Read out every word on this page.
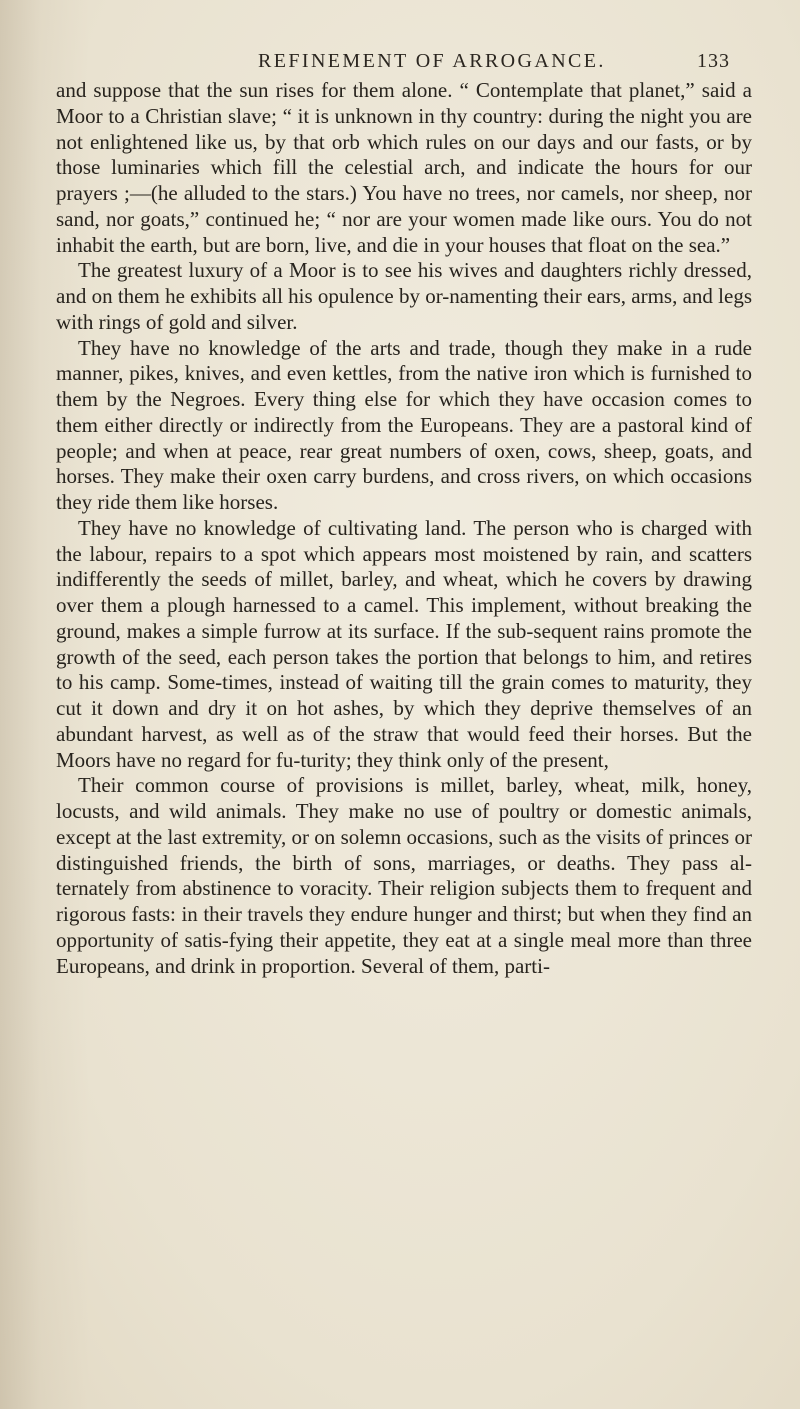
REFINEMENT OF ARROGANCE.	133

and suppose that the sun rises for them alone. “ Contemplate that planet,” said a Moor to a Christian slave; “ it is unknown in thy country: during the night you are not enlightened like us, by that orb which rules on our days and our fasts, or by those luminaries which fill the celestial arch, and indicate the hours for our prayers ;—(he alluded to the stars.) You have no trees, nor camels, nor sheep, nor sand, nor goats,” continued he; “ nor are your women made like ours. You do not inhabit the earth, but are born, live, and die in your houses that float on the sea.”

The greatest luxury of a Moor is to see his wives and daughters richly dressed, and on them he exhibits all his opulence by or-namenting their ears, arms, and legs with rings of gold and silver.

They have no knowledge of the arts and trade, though they make in a rude manner, pikes, knives, and even kettles, from the native iron which is furnished to them by the Negroes. Every thing else for which they have occasion comes to them either directly or indirectly from the Europeans. They are a pastoral kind of people; and when at peace, rear great numbers of oxen, cows, sheep, goats, and horses. They make their oxen carry burdens, and cross rivers, on which occasions they ride them like horses.

They have no knowledge of cultivating land. The person who is charged with the labour, repairs to a spot which appears most moistened by rain, and scatters indifferently the seeds of millet, barley, and wheat, which he covers by drawing over them a plough harnessed to a camel. This implement, without breaking the ground, makes a simple furrow at its surface. If the sub-sequent rains promote the growth of the seed, each person takes the portion that belongs to him, and retires to his camp. Some-times, instead of waiting till the grain comes to maturity, they cut it down and dry it on hot ashes, by which they deprive themselves of an abundant harvest, as well as of the straw that would feed their horses. But the Moors have no regard for fu-turity; they think only of the present,

Their common course of provisions is millet, barley, wheat, milk, honey, locusts, and wild animals. They make no use of poultry or domestic animals, except at the last extremity, or on solemn occasions, such as the visits of princes or distinguished friends, the birth of sons, marriages, or deaths. They pass al-ternately from abstinence to voracity. Their religion subjects them to frequent and rigorous fasts: in their travels they endure hunger and thirst; but when they find an opportunity of satis-fying their appetite, they eat at a single meal more than three Europeans, and drink in proportion. Several of them, parti-
